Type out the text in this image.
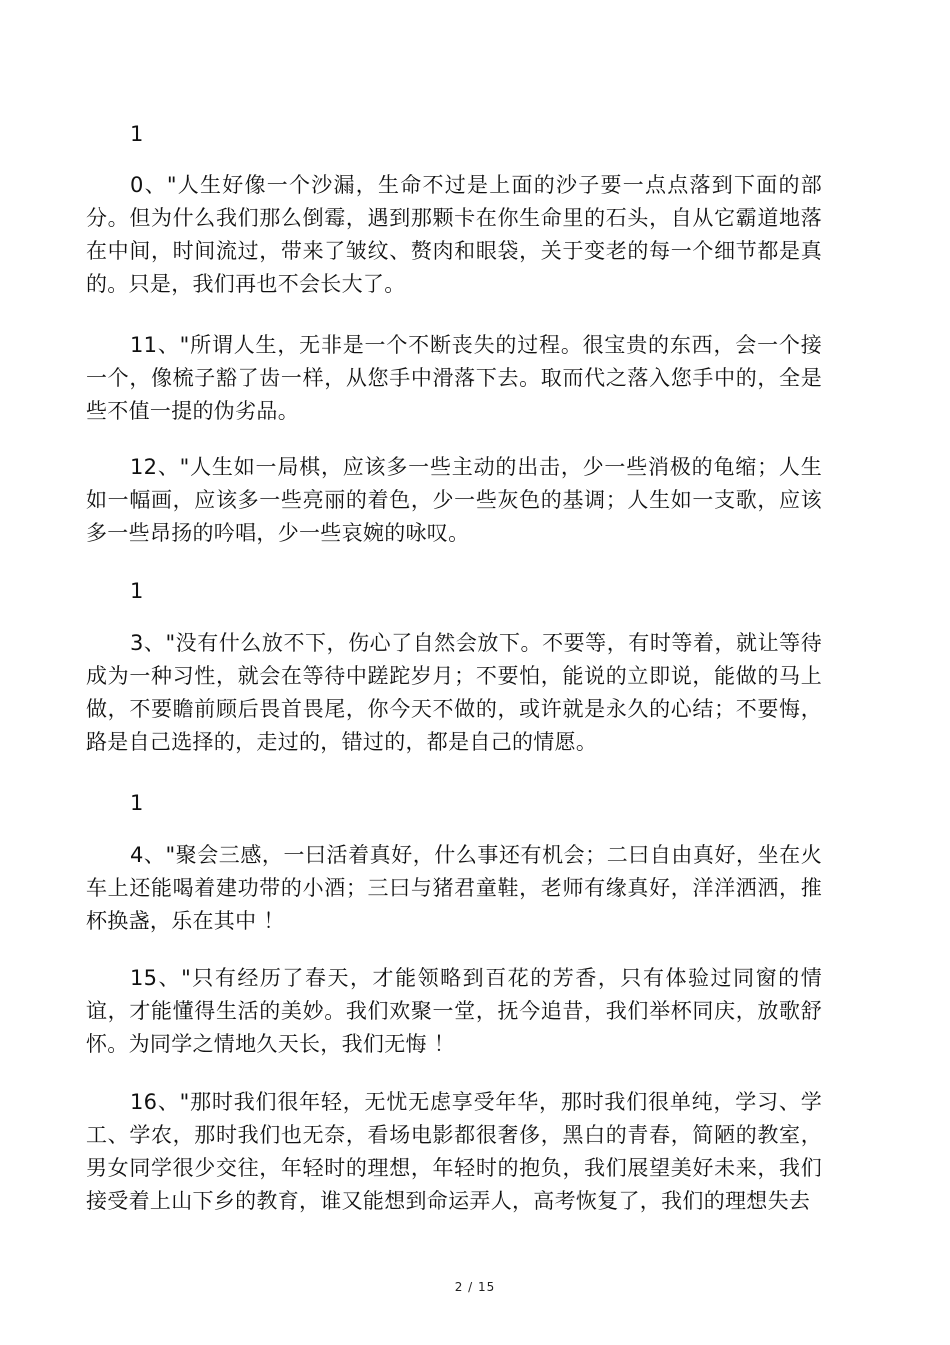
1

0、"人生好像一个沙漏，生命不过是上面的沙子要一点点落到下面的部分。但为什么我们那么倒霉，遇到那颗卡在你生命里的石头，自从它霸道地落在中间，时间流过，带来了皱纹、赘肉和眼袋，关于变老的每一个细节都是真的。只是，我们再也不会长大了。

11、"所谓人生，无非是一个不断丧失的过程。很宝贵的东西，会一个接一个，像梳子豁了齿一样，从您手中滑落下去。取而代之落入您手中的，全是些不值一提的伪劣品。

12、"人生如一局棋，应该多一些主动的出击，少一些消极的龟缩；人生如一幅画，应该多一些亮丽的着色，少一些灰色的基调；人生如一支歌，应该多一些昂扬的吟唱，少一些哀婉的咏叹。

1

3、"没有什么放不下，伤心了自然会放下。不要等，有时等着，就让等待成为一种习性，就会在等待中蹉跎岁月；不要怕，能说的立即说，能做的马上做，不要瞻前顾后畏首畏尾，你今天不做的，或许就是永久的心结；不要悔，路是自己选择的，走过的，错过的，都是自己的情愿。

1

4、"聚会三感，一曰活着真好，什么事还有机会；二曰自由真好，坐在火车上还能喝着建功带的小酒；三曰与猪君童鞋，老师有缘真好，洋洋洒洒，推杯换盏，乐在其中 ！

15、"只有经历了春天，才能领略到百花的芳香，只有体验过同窗的情谊，才能懂得生活的美妙。我们欢聚一堂，抚今追昔，我们举杯同庆，放歌舒怀。为同学之情地久天长，我们无悔 ！

16、"那时我们很年轻，无忧无虑享受年华，那时我们很单纯，学习、学工、学农，那时我们也无奈，看场电影都很奢侈，黑白的青春，简陋的教室，男女同学很少交往，年轻时的理想，年轻时的抱负，我们展望美好未来，我们接受着上山下乡的教育，谁又能想到命运弄人，高考恢复了，我们的理想失去

2 / 15
